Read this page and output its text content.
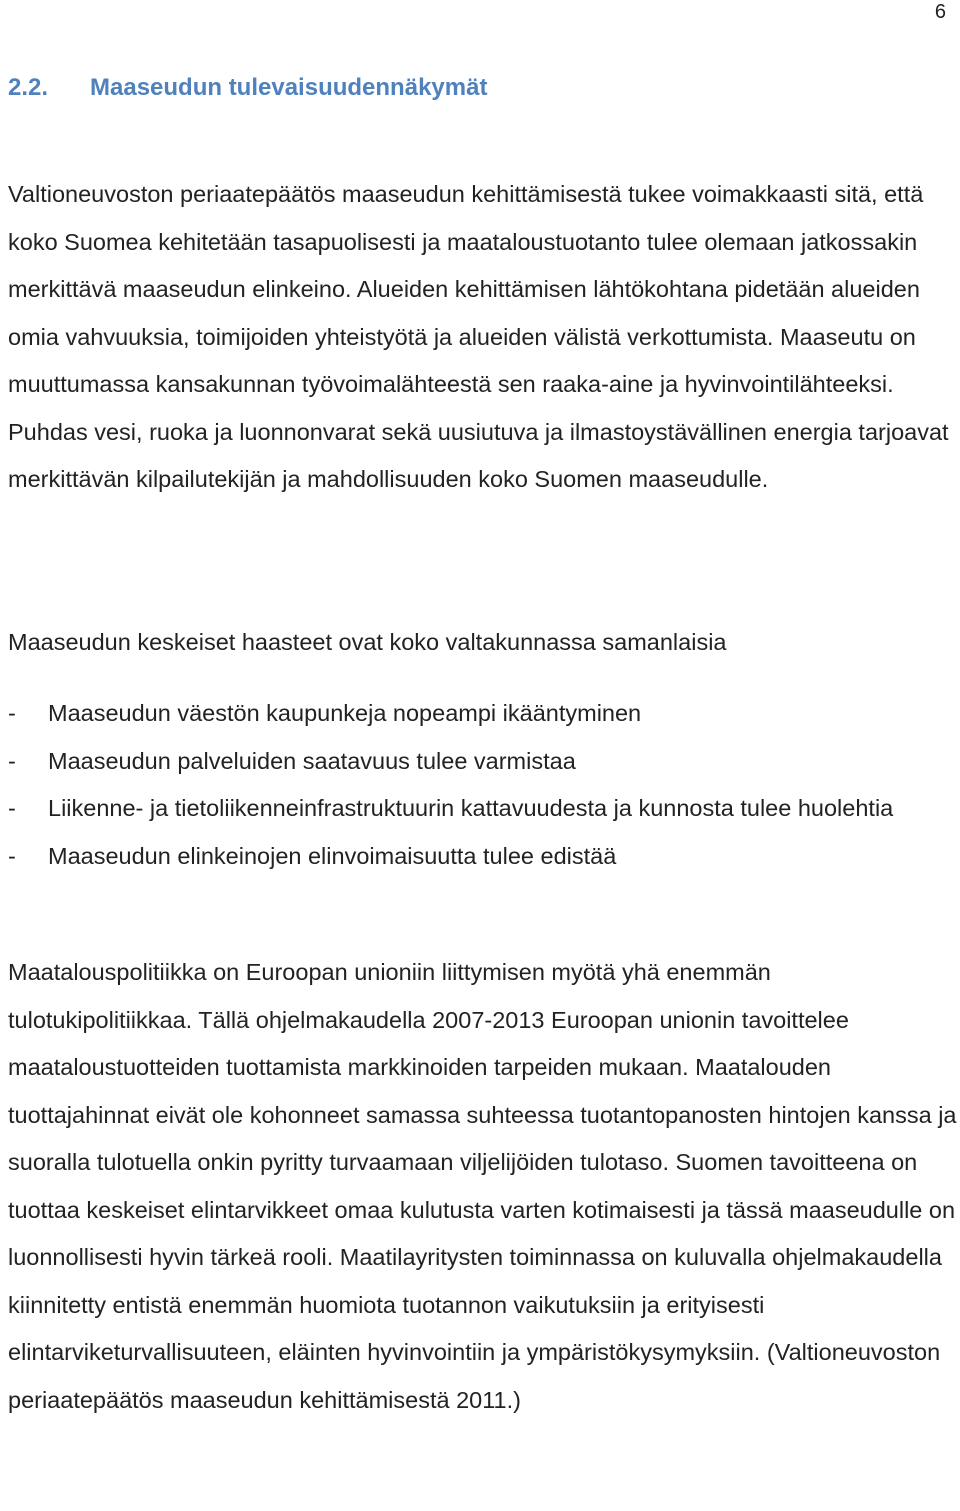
6
2.2. Maaseudun tulevaisuudennäkymät

Valtioneuvoston periaatepäätös maaseudun kehittämisestä tukee voimakkaasti sitä, että koko Suomea kehitetään tasapuolisesti ja maataloustuotanto tulee olemaan jatkossakin merkittävä maaseudun elinkeino. Alueiden kehittämisen lähtökohtana pidetään alueiden omia vahvuuksia, toimijoiden yhteistyötä ja alueiden välistä verkottumista. Maaseutu on muuttumassa kansakunnan työvoimalähteestä sen raaka-aine ja hyvinvointilähteeksi. Puhdas vesi, ruoka ja luonnonvarat sekä uusiutuva ja ilmastoystävällinen energia tarjoavat merkittävän kilpailutekijän ja mahdollisuuden koko Suomen maaseudulle.

Maaseudun keskeiset haasteet ovat koko valtakunnassa samanlaisia

- Maaseudun väestön kaupunkeja nopeampi ikääntyminen
- Maaseudun palveluiden saatavuus tulee varmistaa
- Liikenne- ja tietoliikenneinfrastruktuurin kattavuudesta ja kunnosta tulee huolehtia
- Maaseudun elinkeinojen elinvoimaisuutta tulee edistää

Maatalouspolitiikka on Euroopan unioniin liittymisen myötä yhä enemmän tulotukipolitiikkaa. Tällä ohjelmakaudella 2007-2013 Euroopan unionin tavoittelee maataloustuotteiden tuottamista markkinoiden tarpeiden mukaan. Maatalouden tuottajahinnat eivät ole kohonneet samassa suhteessa tuotantopanosten hintojen kanssa ja suoralla tulotuella onkin pyritty turvaamaan viljelijöiden tulotaso. Suomen tavoitteena on tuottaa keskeiset elintarvikkeet omaa kulutusta varten kotimaisesti ja tässä maaseudulle on luonnollisesti hyvin tärkeä rooli. Maatilayritysten toiminnassa on kuluvalla ohjelmakaudella kiinnitetty entistä enemmän huomiota tuotannon vaikutuksiin ja erityisesti elintarviketurvallisuuteen, eläinten hyvinvointiin ja ympäristökysymyksiin. (Valtioneuvoston periaatepäätös maaseudun kehittämisestä 2011.)
